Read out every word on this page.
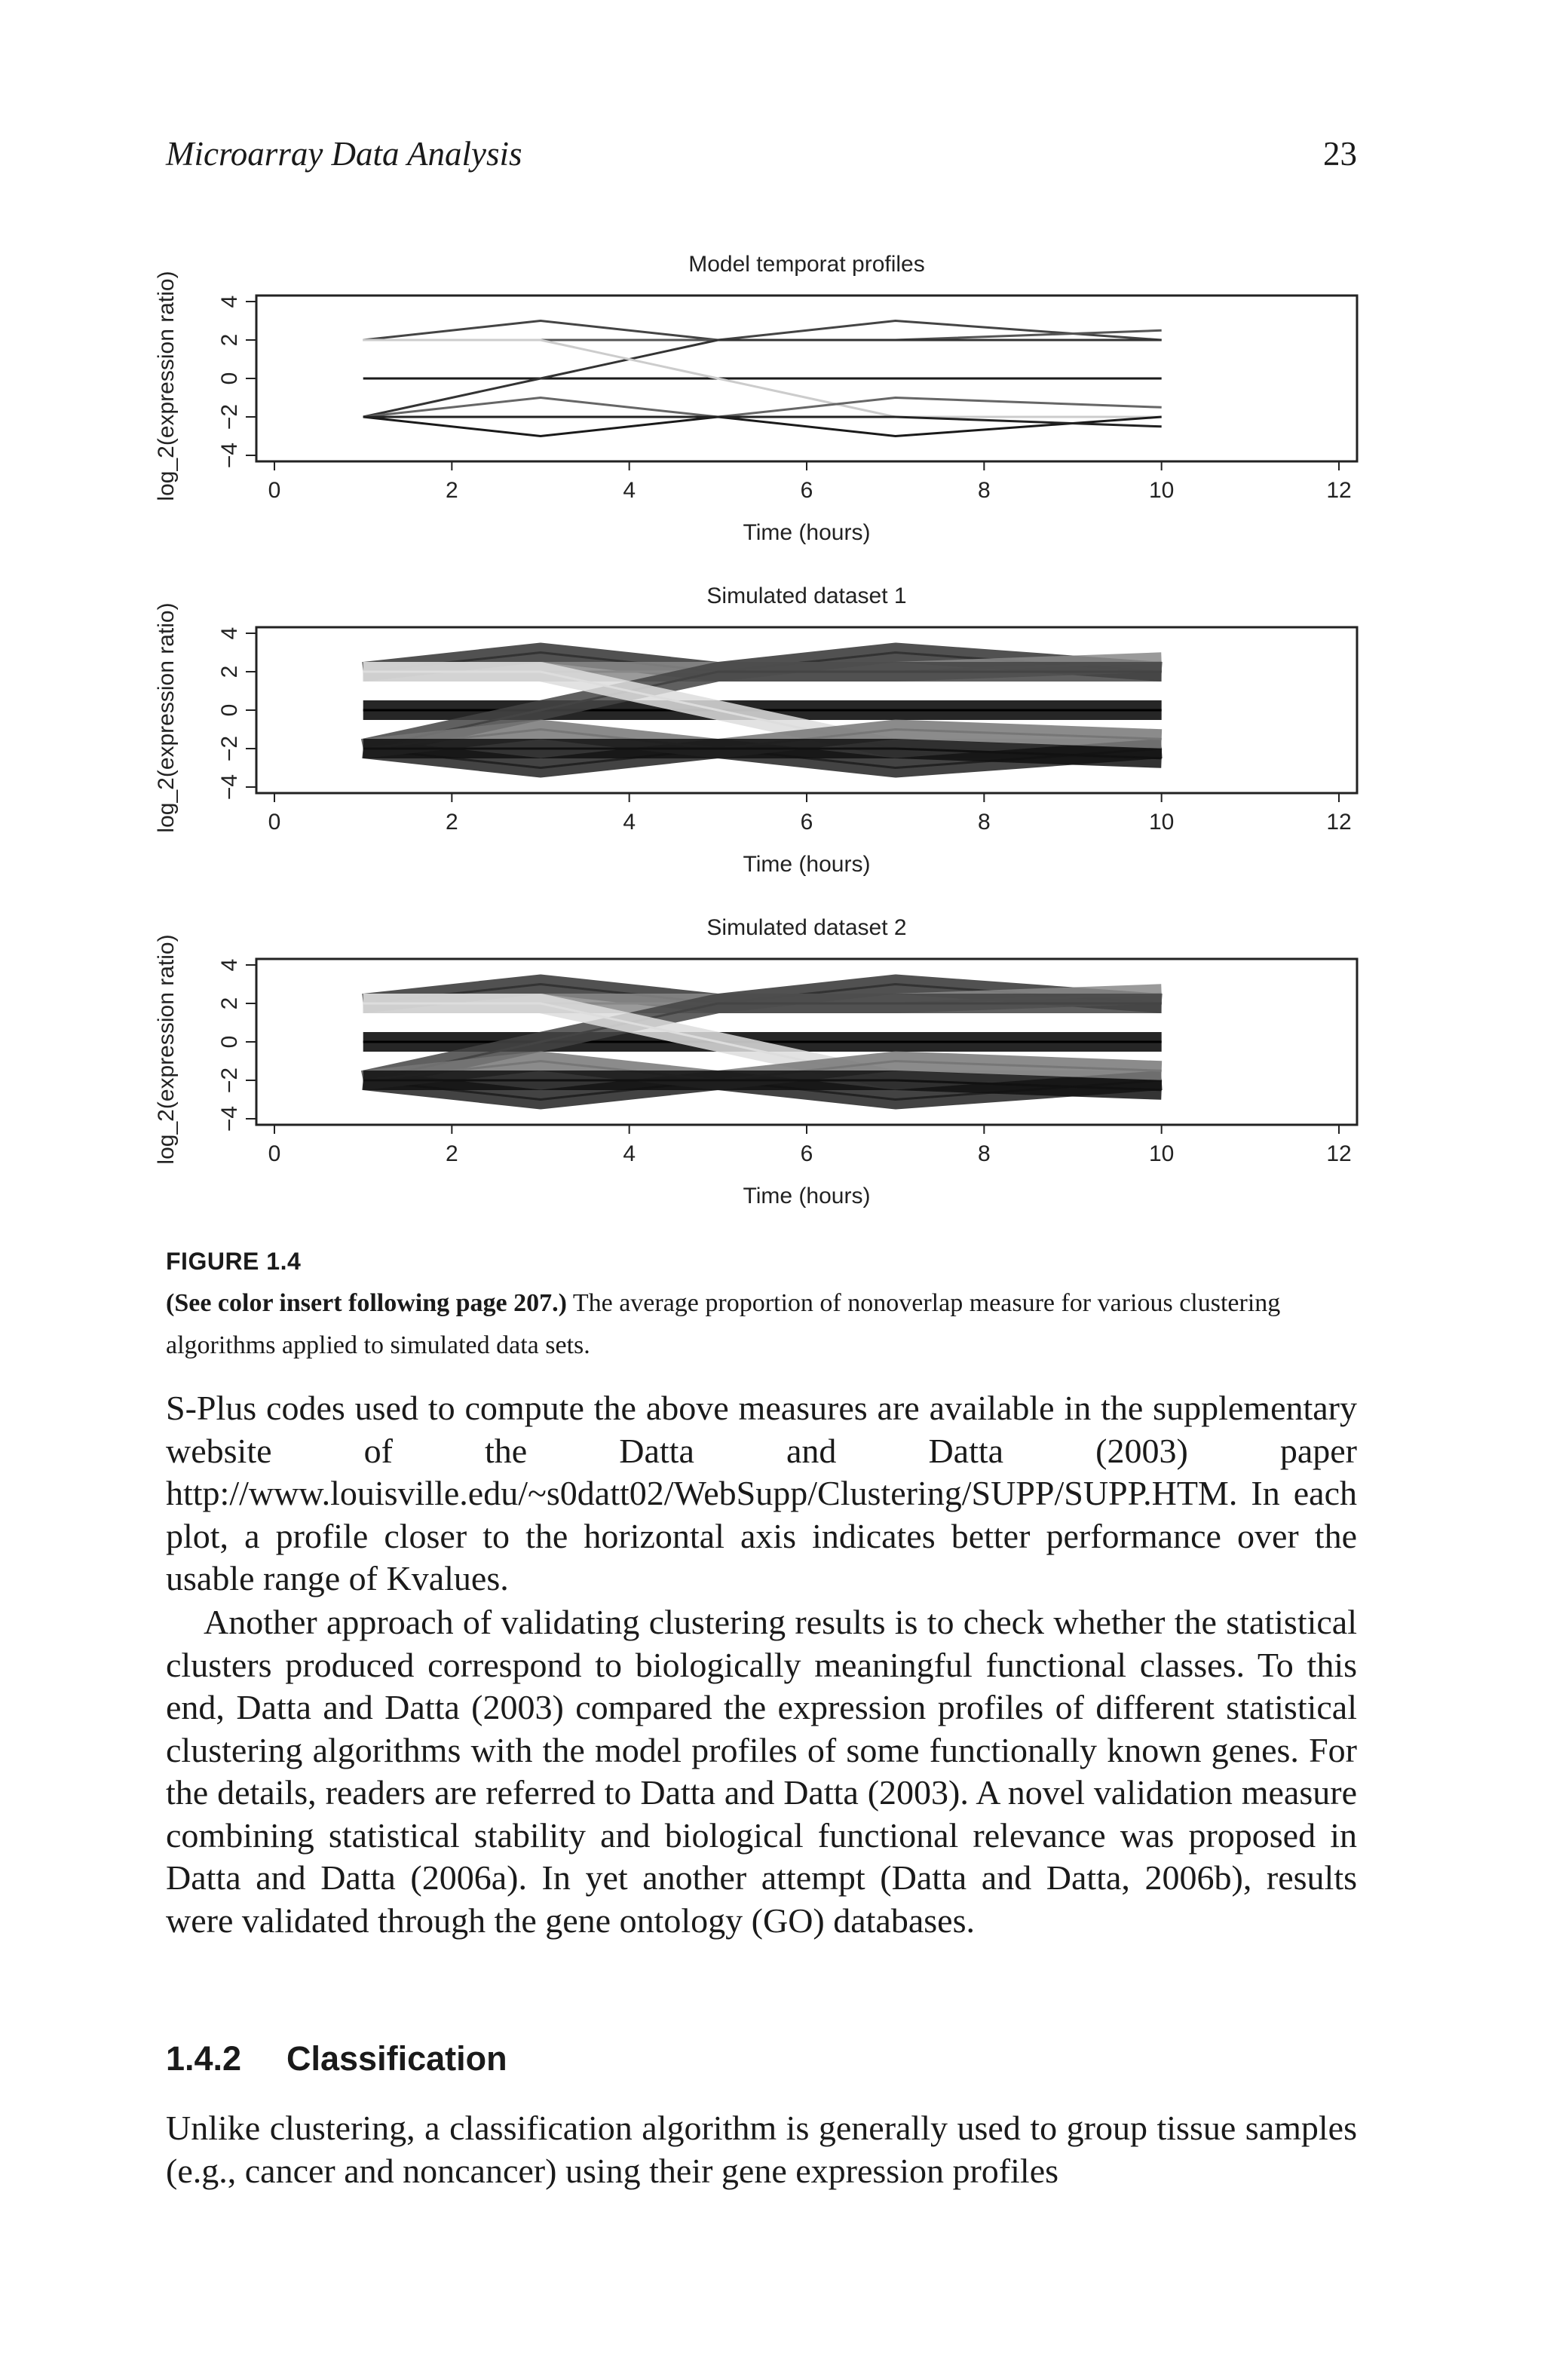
Microarray Data Analysis	23
Model temporat profiles
−4
−2
0
2
4
0	2	4	6	8	10	12
Time (hours)
log_2(expression ratio)
Simulated dataset 1
−4
−2
0
2
4
0	2	4	6	8	10	12
Time (hours)
log_2(expression ratio)
Simulated dataset 2
−4
−2
0
2
4
0	2	4	6	8	10	12
Time (hours)
log_2(expression ratio)
FIGURE 1.4
(See color insert following page 207.) The average proportion of nonoverlap measure for various clustering algorithms applied to simulated data sets.

S-Plus codes used to compute the above measures are available in the supplementary website of the Datta and Datta (2003) paper http://www.louisville.edu/~s0datt02/WebSupp/Clustering/SUPP/SUPP.HTM. In each plot, a profile closer to the horizontal axis indicates better performance over the usable range of Kvalues.

Another approach of validating clustering results is to check whether the statistical clusters produced correspond to biologically meaningful functional classes. To this end, Datta and Datta (2003) compared the expression profiles of different statistical clustering algorithms with the model profiles of some functionally known genes. For the details, readers are referred to Datta and Datta (2003). A novel validation measure combining statistical stability and biological functional relevance was proposed in Datta and Datta (2006a). In yet another attempt (Datta and Datta, 2006b), results were validated through the gene ontology (GO) databases.

1.4.2 Classification

Unlike clustering, a classification algorithm is generally used to group tissue samples (e.g., cancer and noncancer) using their gene expression profiles
